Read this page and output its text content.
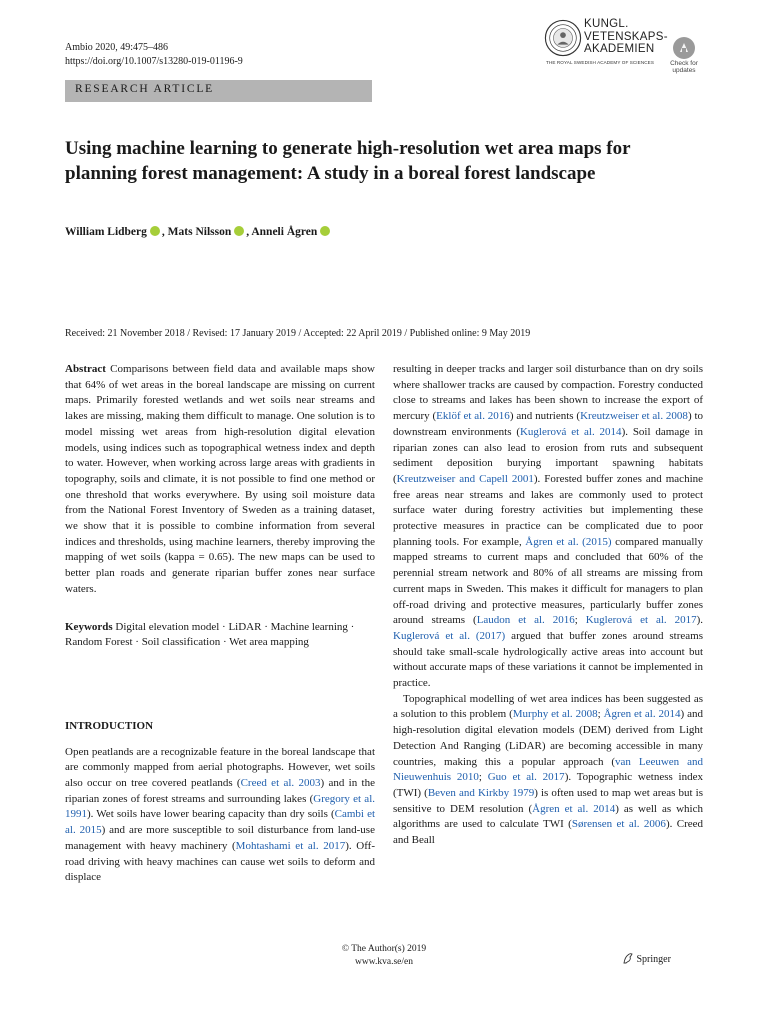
Ambio 2020, 49:475–486
https://doi.org/10.1007/s13280-019-01196-9
KUNGL.
VETENSKAPS-
AKADEMIEN
THE ROYAL SWEDISH ACADEMY OF SCIENCES	Check for
updates
RESEARCH ARTICLE
Using machine learning to generate high-resolution wet area maps for planning forest management: A study in a boreal forest landscape
William Lidberg , Mats Nilsson , Anneli Ågren
Received: 21 November 2018 / Revised: 17 January 2019 / Accepted: 22 April 2019 / Published online: 9 May 2019

Abstract Comparisons between field data and available maps show that 64% of wet areas in the boreal landscape are missing on current maps. Primarily forested wetlands and wet soils near streams and lakes are missing, making them difficult to manage. One solution is to model missing wet areas from high-resolution digital elevation models, using indices such as topographical wetness index and depth to water. However, when working across large areas with gradients in topography, soils and climate, it is not possible to find one method or one threshold that works everywhere. By using soil moisture data from the National Forest Inventory of Sweden as a training dataset, we show that it is possible to combine information from several indices and thresholds, using machine learners, thereby improving the mapping of wet soils (kappa = 0.65). The new maps can be used to better plan roads and generate riparian buffer zones near surface waters.

Keywords Digital elevation model · LiDAR · Machine learning · Random Forest · Soil classification · Wet area mapping

INTRODUCTION

Open peatlands are a recognizable feature in the boreal landscape that are commonly mapped from aerial photographs. However, wet soils also occur on tree covered peatlands (Creed et al. 2003) and in the riparian zones of forest streams and surrounding lakes (Gregory et al. 1991). Wet soils have lower bearing capacity than dry soils (Cambi et al. 2015) and are more susceptible to soil disturbance from land-use management with heavy machinery (Mohtashami et al. 2017). Off-road driving with heavy machines can cause wet soils to deform and displace

resulting in deeper tracks and larger soil disturbance than on dry soils where shallower tracks are caused by compaction. Forestry conducted close to streams and lakes has been shown to increase the export of mercury (Eklöf et al. 2016) and nutrients (Kreutzweiser et al. 2008) to downstream environments (Kuglerová et al. 2014). Soil damage in riparian zones can also lead to erosion from ruts and subsequent sediment deposition burying important spawning habitats (Kreutzweiser and Capell 2001). Forested buffer zones and machine free areas near streams and lakes are commonly used to protect surface water during forestry activities but implementing these protective measures in practice can be complicated due to poor planning tools. For example, Ågren et al. (2015) compared manually mapped streams to current maps and concluded that 60% of the perennial stream network and 80% of all streams are missing from current maps in Sweden. This makes it difficult for managers to plan off-road driving and protective measures, particularly buffer zones around streams (Laudon et al. 2016; Kuglerová et al. 2017). Kuglerová et al. (2017) argued that buffer zones around streams should take small-scale hydrologically active areas into account but without accurate maps of these variations it cannot be implemented in practice.

Topographical modelling of wet area indices has been suggested as a solution to this problem (Murphy et al. 2008; Ågren et al. 2014) and high-resolution digital elevation models (DEM) derived from Light Detection And Ranging (LiDAR) are becoming accessible in many countries, making this a popular approach (van Leeuwen and Nieuwenhuis 2010; Guo et al. 2017). Topographic wetness index (TWI) (Beven and Kirkby 1979) is often used to map wet areas but is sensitive to DEM resolution (Ågren et al. 2014) as well as which algorithms are used to calculate TWI (Sørensen et al. 2006). Creed and Beall

© The Author(s) 2019
www.kva.se/en	Springer
